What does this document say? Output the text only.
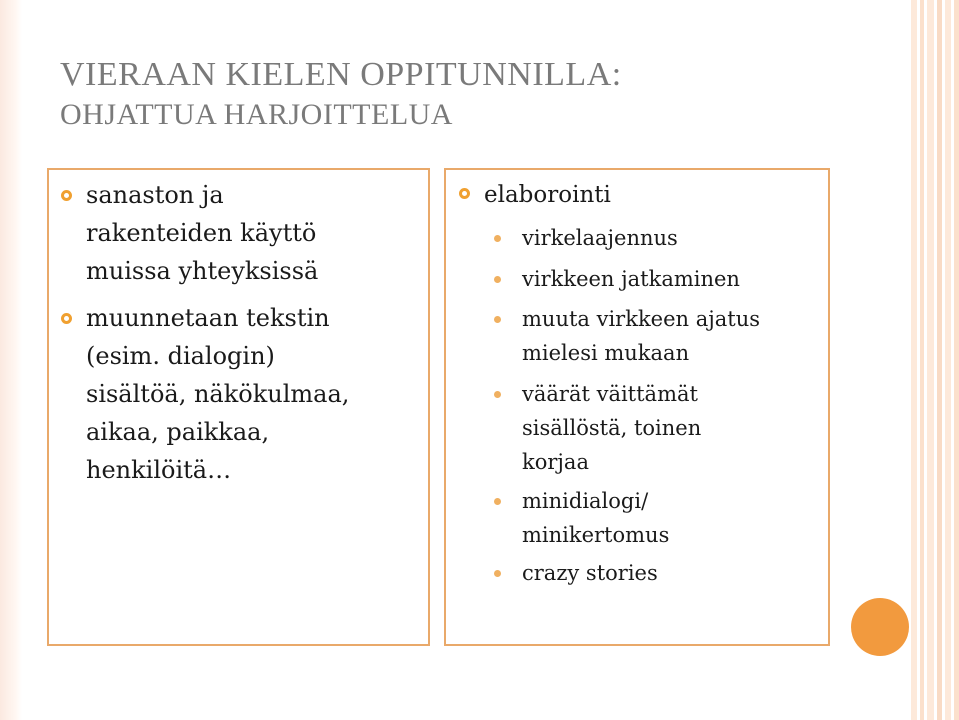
VIERAAN KIELEN OPPITUNNILLA:
OHJATTUA HARJOITTELUA
sanaston ja
rakenteiden käyttö
muissa yhteyksissä
muunnetaan tekstin
(esim. dialogin)
sisältöä, näkökulmaa,
aikaa, paikkaa,
henkilöitä…
elaborointi
virkelaajennus
virkkeen jatkaminen
muuta virkkeen ajatus
mielesi mukaan
väärät väittämät
sisällöstä, toinen
korjaa
minidialogi/
minikertomus
crazy stories
